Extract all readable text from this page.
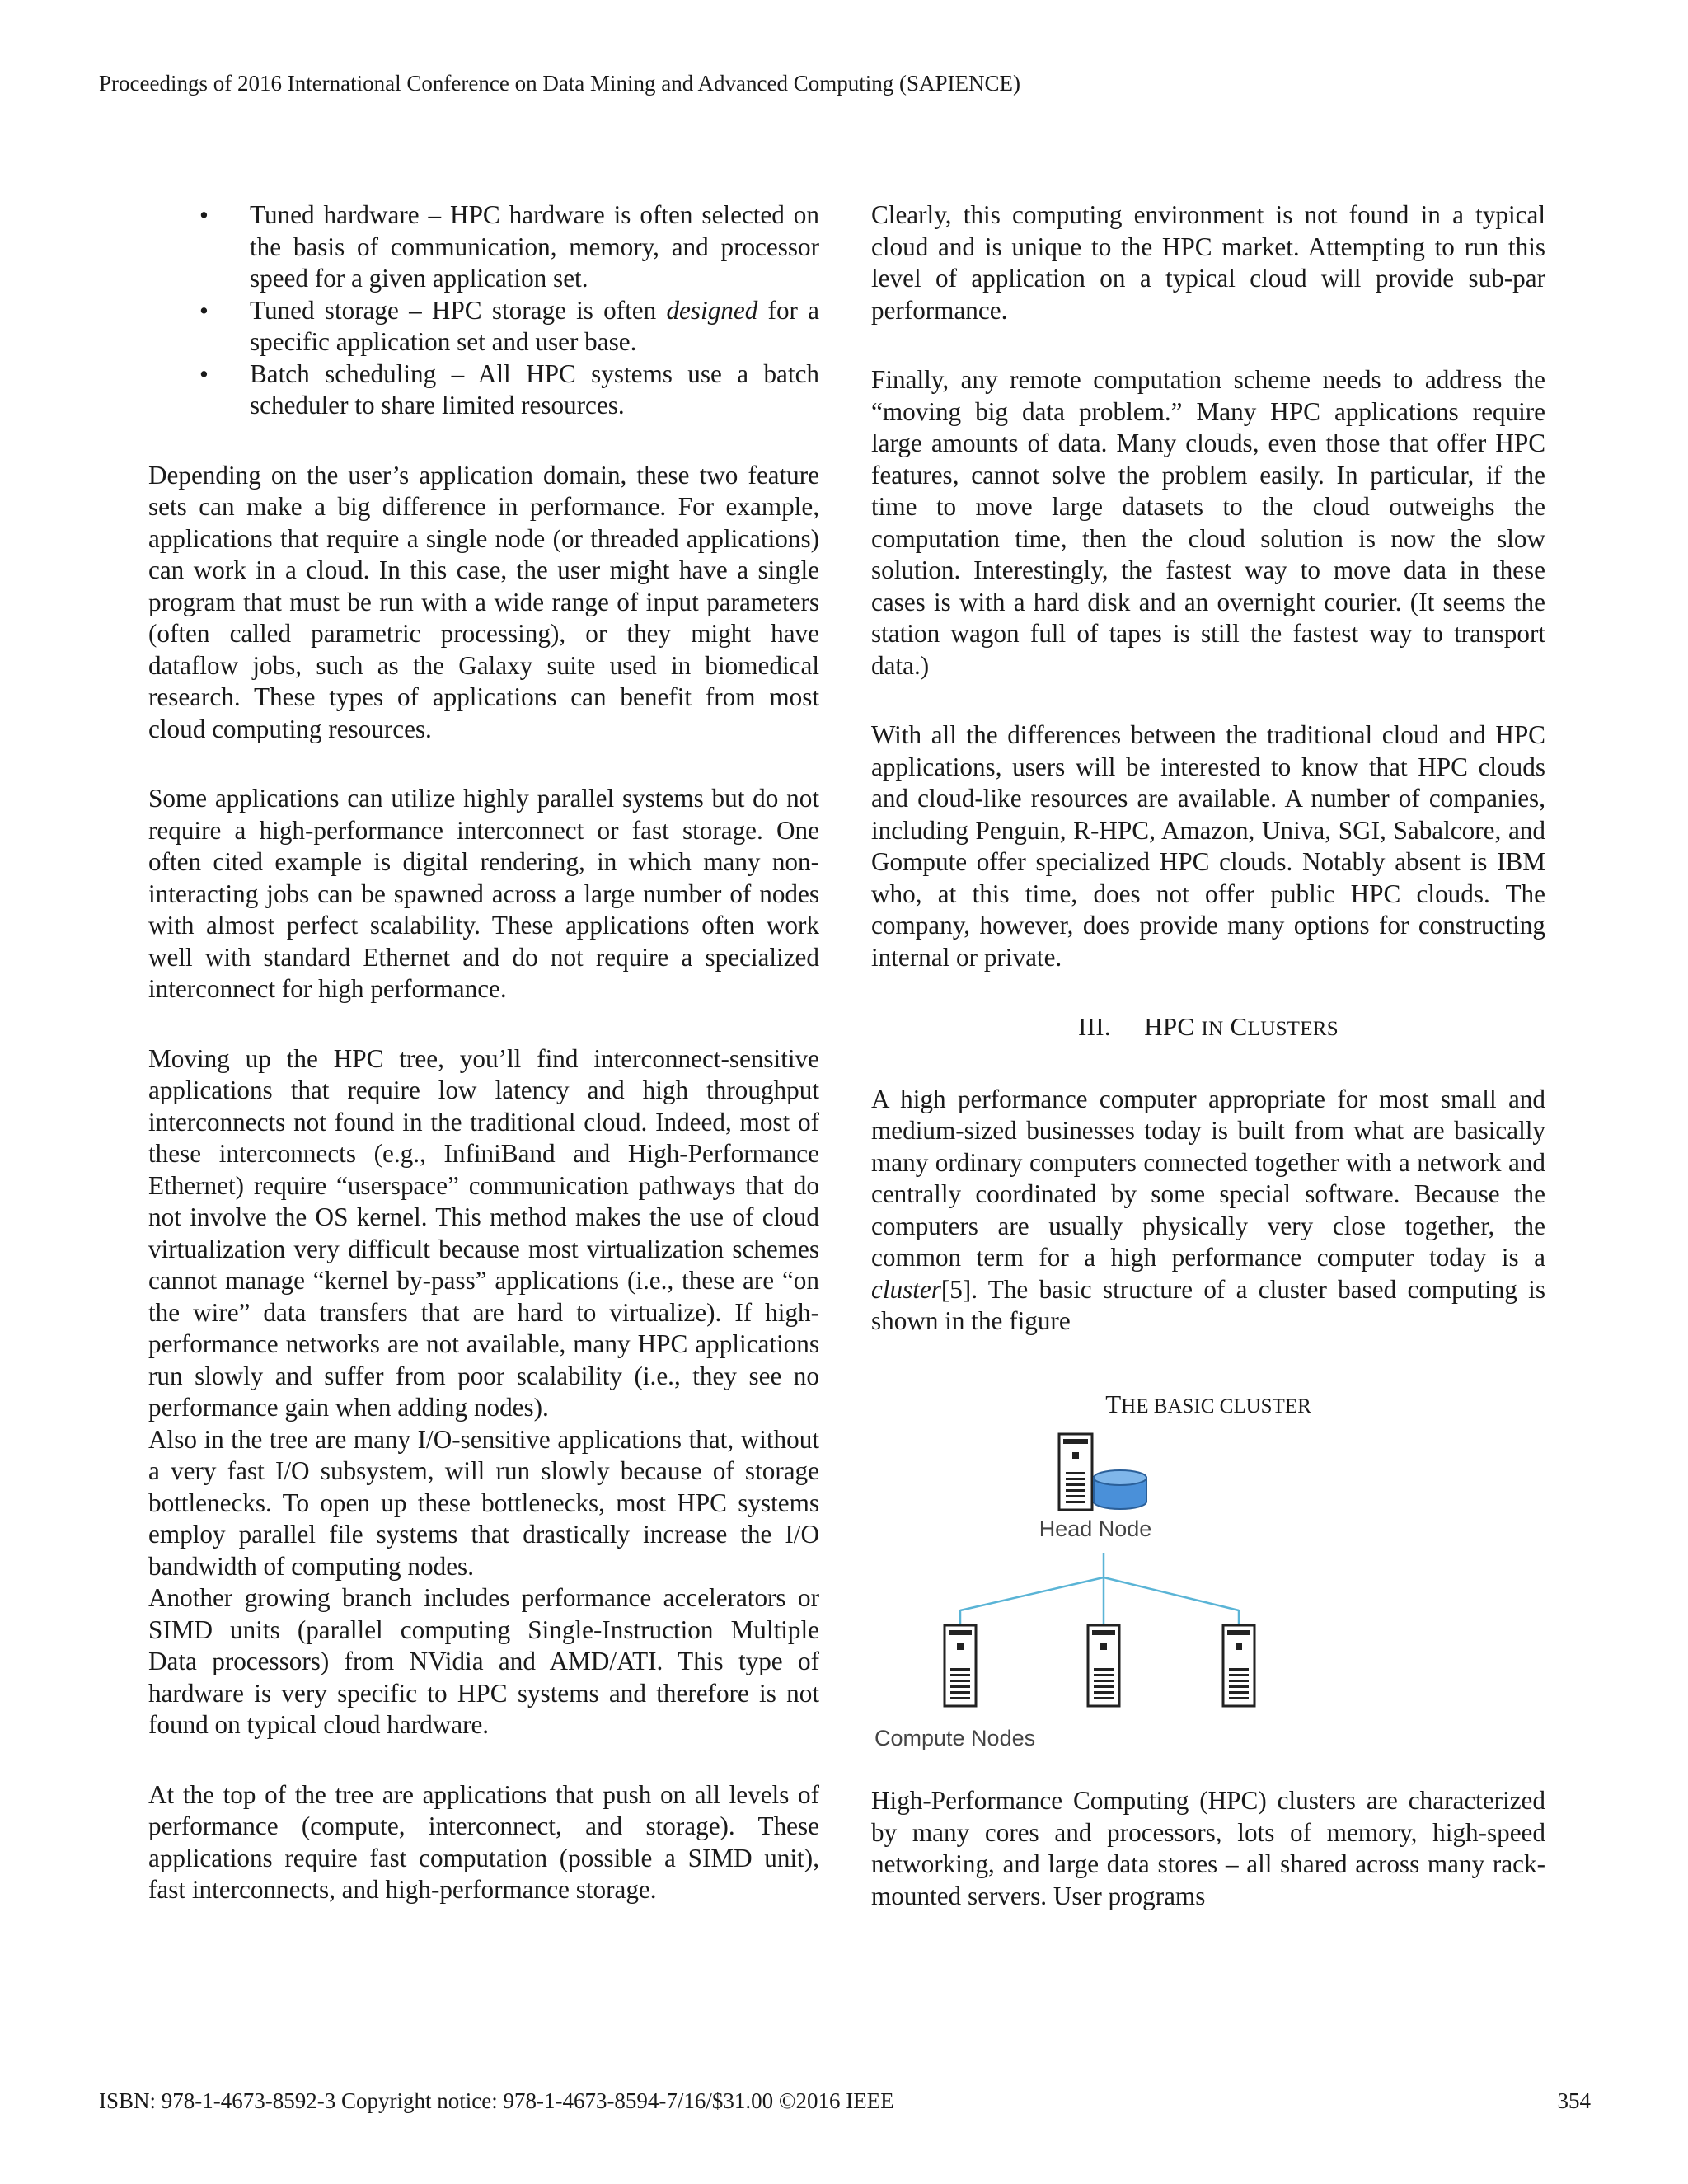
Proceedings of 2016 International Conference on Data Mining and Advanced Computing (SAPIENCE)
• Tuned hardware – HPC hardware is often selected on the basis of communication, memory, and processor speed for a given application set.
• Tuned storage – HPC storage is often designed for a specific application set and user base.
• Batch scheduling – All HPC systems use a batch scheduler to share limited resources.

Depending on the user’s application domain, these two feature sets can make a big difference in performance. For example, applications that require a single node (or threaded applications) can work in a cloud. In this case, the user might have a single program that must be run with a wide range of input parameters (often called parametric processing), or they might have dataflow jobs, such as the Galaxy suite used in biomedical research. These types of applications can benefit from most cloud computing resources.

Some applications can utilize highly parallel systems but do not require a high-performance interconnect or fast storage. One often cited example is digital rendering, in which many non-interacting jobs can be spawned across a large number of nodes with almost perfect scalability. These applications often work well with standard Ethernet and do not require a specialized interconnect for high performance.

Moving up the HPC tree, you’ll find interconnect-sensitive applications that require low latency and high throughput interconnects not found in the traditional cloud. Indeed, most of these interconnects (e.g., InfiniBand and High-Performance Ethernet) require “userspace” communication pathways that do not involve the OS kernel. This method makes the use of cloud virtualization very difficult because most virtualization schemes cannot manage “kernel by-pass” applications (i.e., these are “on the wire” data transfers that are hard to virtualize). If high-performance networks are not available, many HPC applications run slowly and suffer from poor scalability (i.e., they see no performance gain when adding nodes).

Also in the tree are many I/O-sensitive applications that, without a very fast I/O subsystem, will run slowly because of storage bottlenecks. To open up these bottlenecks, most HPC systems employ parallel file systems that drastically increase the I/O bandwidth of computing nodes.

Another growing branch includes performance accelerators or SIMD units (parallel computing Single-Instruction Multiple Data processors) from NVidia and AMD/ATI. This type of hardware is very specific to HPC systems and therefore is not found on typical cloud hardware.

At the top of the tree are applications that push on all levels of performance (compute, interconnect, and storage). These applications require fast computation (possible a SIMD unit), fast interconnects, and high-performance storage.

Clearly, this computing environment is not found in a typical cloud and is unique to the HPC market. Attempting to run this level of application on a typical cloud will provide sub-par performance.

Finally, any remote computation scheme needs to address the “moving big data problem.” Many HPC applications require large amounts of data. Many clouds, even those that offer HPC features, cannot solve the problem easily. In particular, if the time to move large datasets to the cloud outweighs the computation time, then the cloud solution is now the slow solution. Interestingly, the fastest way to move data in these cases is with a hard disk and an overnight courier. (It seems the station wagon full of tapes is still the fastest way to transport data.)

With all the differences between the traditional cloud and HPC applications, users will be interested to know that HPC clouds and cloud-like resources are available. A number of companies, including Penguin, R-HPC, Amazon, Univa, SGI, Sabalcore, and Gompute offer specialized HPC clouds. Notably absent is IBM who, at this time, does not offer public HPC clouds. The company, however, does provide many options for constructing internal or private.

III. HPC IN CLUSTERS

A high performance computer appropriate for most small and medium-sized businesses today is built from what are basically many ordinary computers connected together with a network and centrally coordinated by some special software. Because the computers are usually physically very close together, the common term for a high performance computer today is a cluster[5]. The basic structure of a cluster based computing is shown in the figure

THE BASIC CLUSTER
Head Node
Compute Nodes

High-Performance Computing (HPC) clusters are characterized by many cores and processors, lots of memory, high-speed networking, and large data stores – all shared across many rack-mounted servers. User programs

ISBN: 978-1-4673-8592-3 Copyright notice: 978-1-4673-8594-7/16/$31.00 ©2016 IEEE	354
